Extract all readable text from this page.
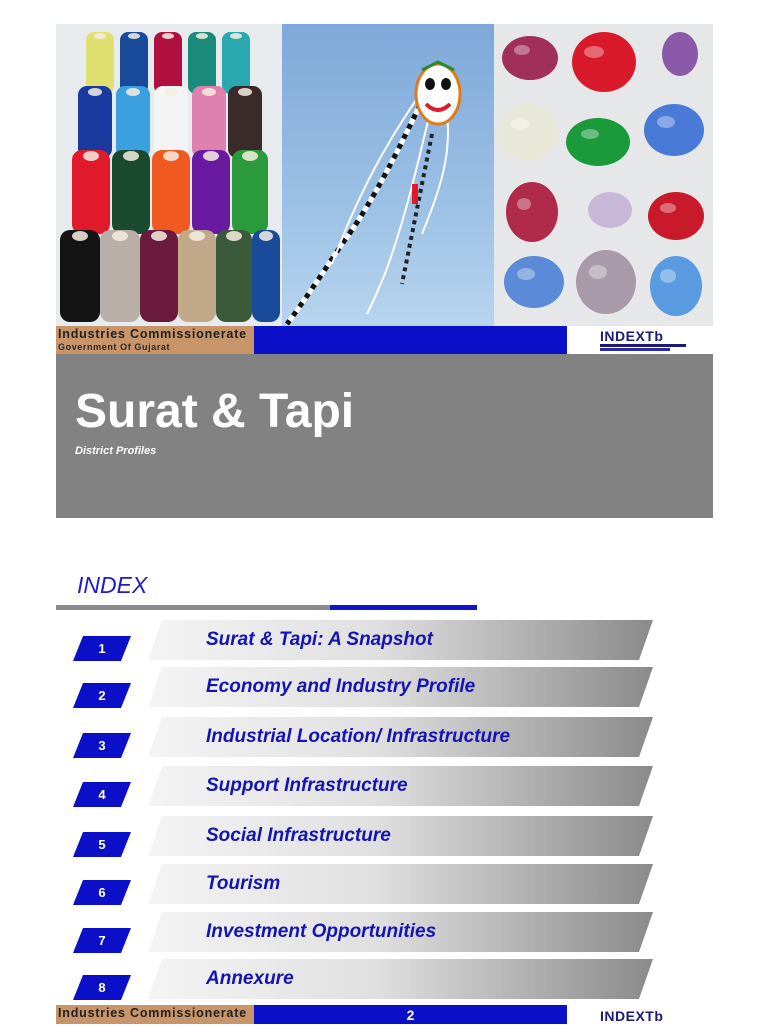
Industries Commissionerate
Government Of Gujarat
INDEXTb
Surat & Tapi
District Profiles
INDEX
1	Surat & Tapi: A Snapshot
2	Economy and Industry Profile
3	Industrial Location/ Infrastructure
4	Support Infrastructure
5	Social Infrastructure
6	Tourism
7	Investment Opportunities
8	Annexure
Industries Commissionerate	2	INDEXTb
